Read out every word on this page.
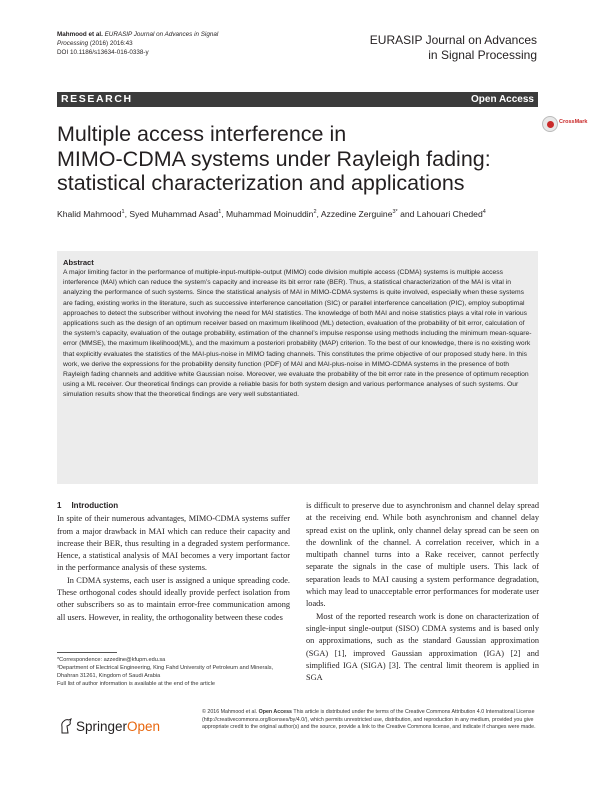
Mahmood et al. EURASIP Journal on Advances in Signal
Processing (2016) 2016:43
DOI 10.1186/s13634-016-0338-y
EURASIP Journal on Advances
in Signal Processing
RESEARCH	Open Access
Multiple access interference in
MIMO-CDMA systems under Rayleigh fading:
statistical characterization and applications
CrossMark
Khalid Mahmood$^1$, Syed Muhammad Asad$^1$, Muhammad Moinuddin$^2$, Azzedine Zerguine$^{3*}$ and Lahouari Cheded$^4$
Abstract
A major limiting factor in the performance of multiple-input-multiple-output (MIMO) code division multiple access (CDMA) systems is multiple access interference (MAI) which can reduce the system’s capacity and increase its bit error rate (BER). Thus, a statistical characterization of the MAI is vital in analyzing the performance of such systems. Since the statistical analysis of MAI in MIMO-CDMA systems is quite involved, especially when these systems are fading, existing works in the literature, such as successive interference cancellation (SIC) or parallel interference cancellation (PIC), employ suboptimal approaches to detect the subscriber without involving the need for MAI statistics. The knowledge of both MAI and noise statistics plays a vital role in various applications such as the design of an optimum receiver based on maximum likelihood (ML) detection, evaluation of the probability of bit error, calculation of the system’s capacity, evaluation of the outage probability, estimation of the channel’s impulse response using methods including the minimum mean-square-error (MMSE), the maximum likelihood(ML), and the maximum a posteriori probability (MAP) criterion. To the best of our knowledge, there is no existing work that explicitly evaluates the statistics of the MAI-plus-noise in MIMO fading channels. This constitutes the prime objective of our proposed study here. In this work, we derive the expressions for the probability density function (PDF) of MAI and MAI-plus-noise in MIMO-CDMA systems in the presence of both Rayleigh fading channels and additive white Gaussian noise. Moreover, we evaluate the probability of the bit error rate in the presence of optimum reception using a ML receiver. Our theoretical findings can provide a reliable basis for both system design and various performance analyses of such systems. Our simulation results show that the theoretical findings are very well substantiated.
1 Introduction

In spite of their numerous advantages, MIMO-CDMA systems suffer from a major drawback in MAI which can reduce their capacity and increase their BER, thus resulting in a degraded system performance. Hence, a statistical analysis of MAI becomes a very important factor in the performance analysis of these systems.

In CDMA systems, each user is assigned a unique spreading code. These orthogonal codes should ideally provide perfect isolation from other subscribers so as to maintain error-free communication among all users. However, in reality, the orthogonality between these codes

is difficult to preserve due to asynchronism and channel delay spread at the receiving end. While both asynchronism and channel delay spread exist on the uplink, only channel delay spread can be seen on the downlink of the channel. A correlation receiver, which in a multipath channel turns into a Rake receiver, cannot perfectly separate the signals in the case of multiple users. This lack of separation leads to MAI causing a system performance degradation, which may lead to unacceptable error performances for moderate user loads.

Most of the reported research work is done on characterization of single-input single-output (SISO) CDMA systems and is based only on approximations, such as the standard Gaussian approximation (SGA) [1], improved Gaussian approximation (IGA) [2] and simplified IGA (SIGA) [3]. The central limit theorem is applied in SGA

*Correspondence: azzedine@kfupm.edu.sa
³Department of Electrical Engineering, King Fahd University of Petroleum and Minerals, Dhahran 31261, Kingdom of Saudi Arabia
Full list of author information is available at the end of the article
SpringerOpen
© 2016 Mahmood et al. Open Access This article is distributed under the terms of the Creative Commons Attribution 4.0 International License (http://creativecommons.org/licenses/by/4.0/), which permits unrestricted use, distribution, and reproduction in any medium, provided you give appropriate credit to the original author(s) and the source, provide a link to the Creative Commons license, and indicate if changes were made.
